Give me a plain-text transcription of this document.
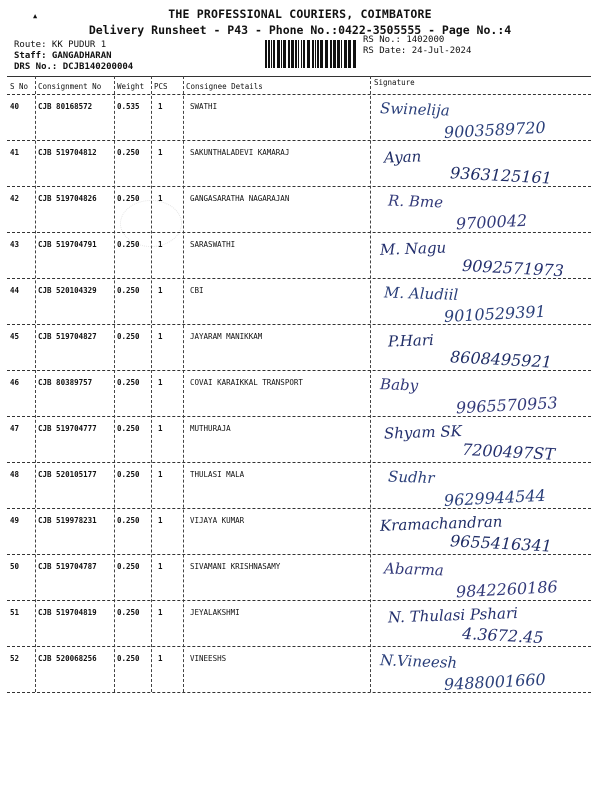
▲	THE PROFESSIONAL COURIERS, COIMBATORE
Delivery Runsheet - P43 - Phone No.:0422-3505555 - Page No.:4
Route: KK PUDUR 1
Staff: GANGADHARAN
DRS No.: DCJB140200004
RS No.: 1402000
RS Date: 24-Jul-2024
S No Consignment No Weight PCS Consignee Details	Signature
40	CJB 80168572	0.535 1	SWATHI	Swinelija
9003589720
41	CJB 519704812	0.250 1	SAKUNTHALADEVI KAMARAJ	Ayan
9363125161
42	CJB 519704826	0.250 1	GANGASARATHA NAGARAJAN	R. Bme
9700042
43	CJB 519704791	0.250 1	SARASWATHI	M. Nagu
9092571973
44	CJB 520104329	0.250 1	CBI	M. Aludiil
9010529391
45	CJB 519704827	0.250 1	JAYARAM MANIKKAM	P.Hari
8608495921
46	CJB 80389757	0.250 1	COVAI KARAIKKAL TRANSPORT	Baby
9965570953
47	CJB 519704777	0.250 1	MUTHURAJA	Shyam SK
7200497ST
48	CJB 520105177	0.250 1	THULASI MALA	Sudhr
9629944544
49	CJB 519978231	0.250 1	VIJAYA KUMAR	Kramachandran
9655416341
50	CJB 519704787	0.250 1	SIVAMANI KRISHNASAMY	Abarma
9842260186
51	CJB 519704819	0.250 1	JEYALAKSHMI	N. Thulasi Pshari
4.3672.45
52	CJB 520068256	0.250 1	VINEESHS	N.Vineesh
9488001660
